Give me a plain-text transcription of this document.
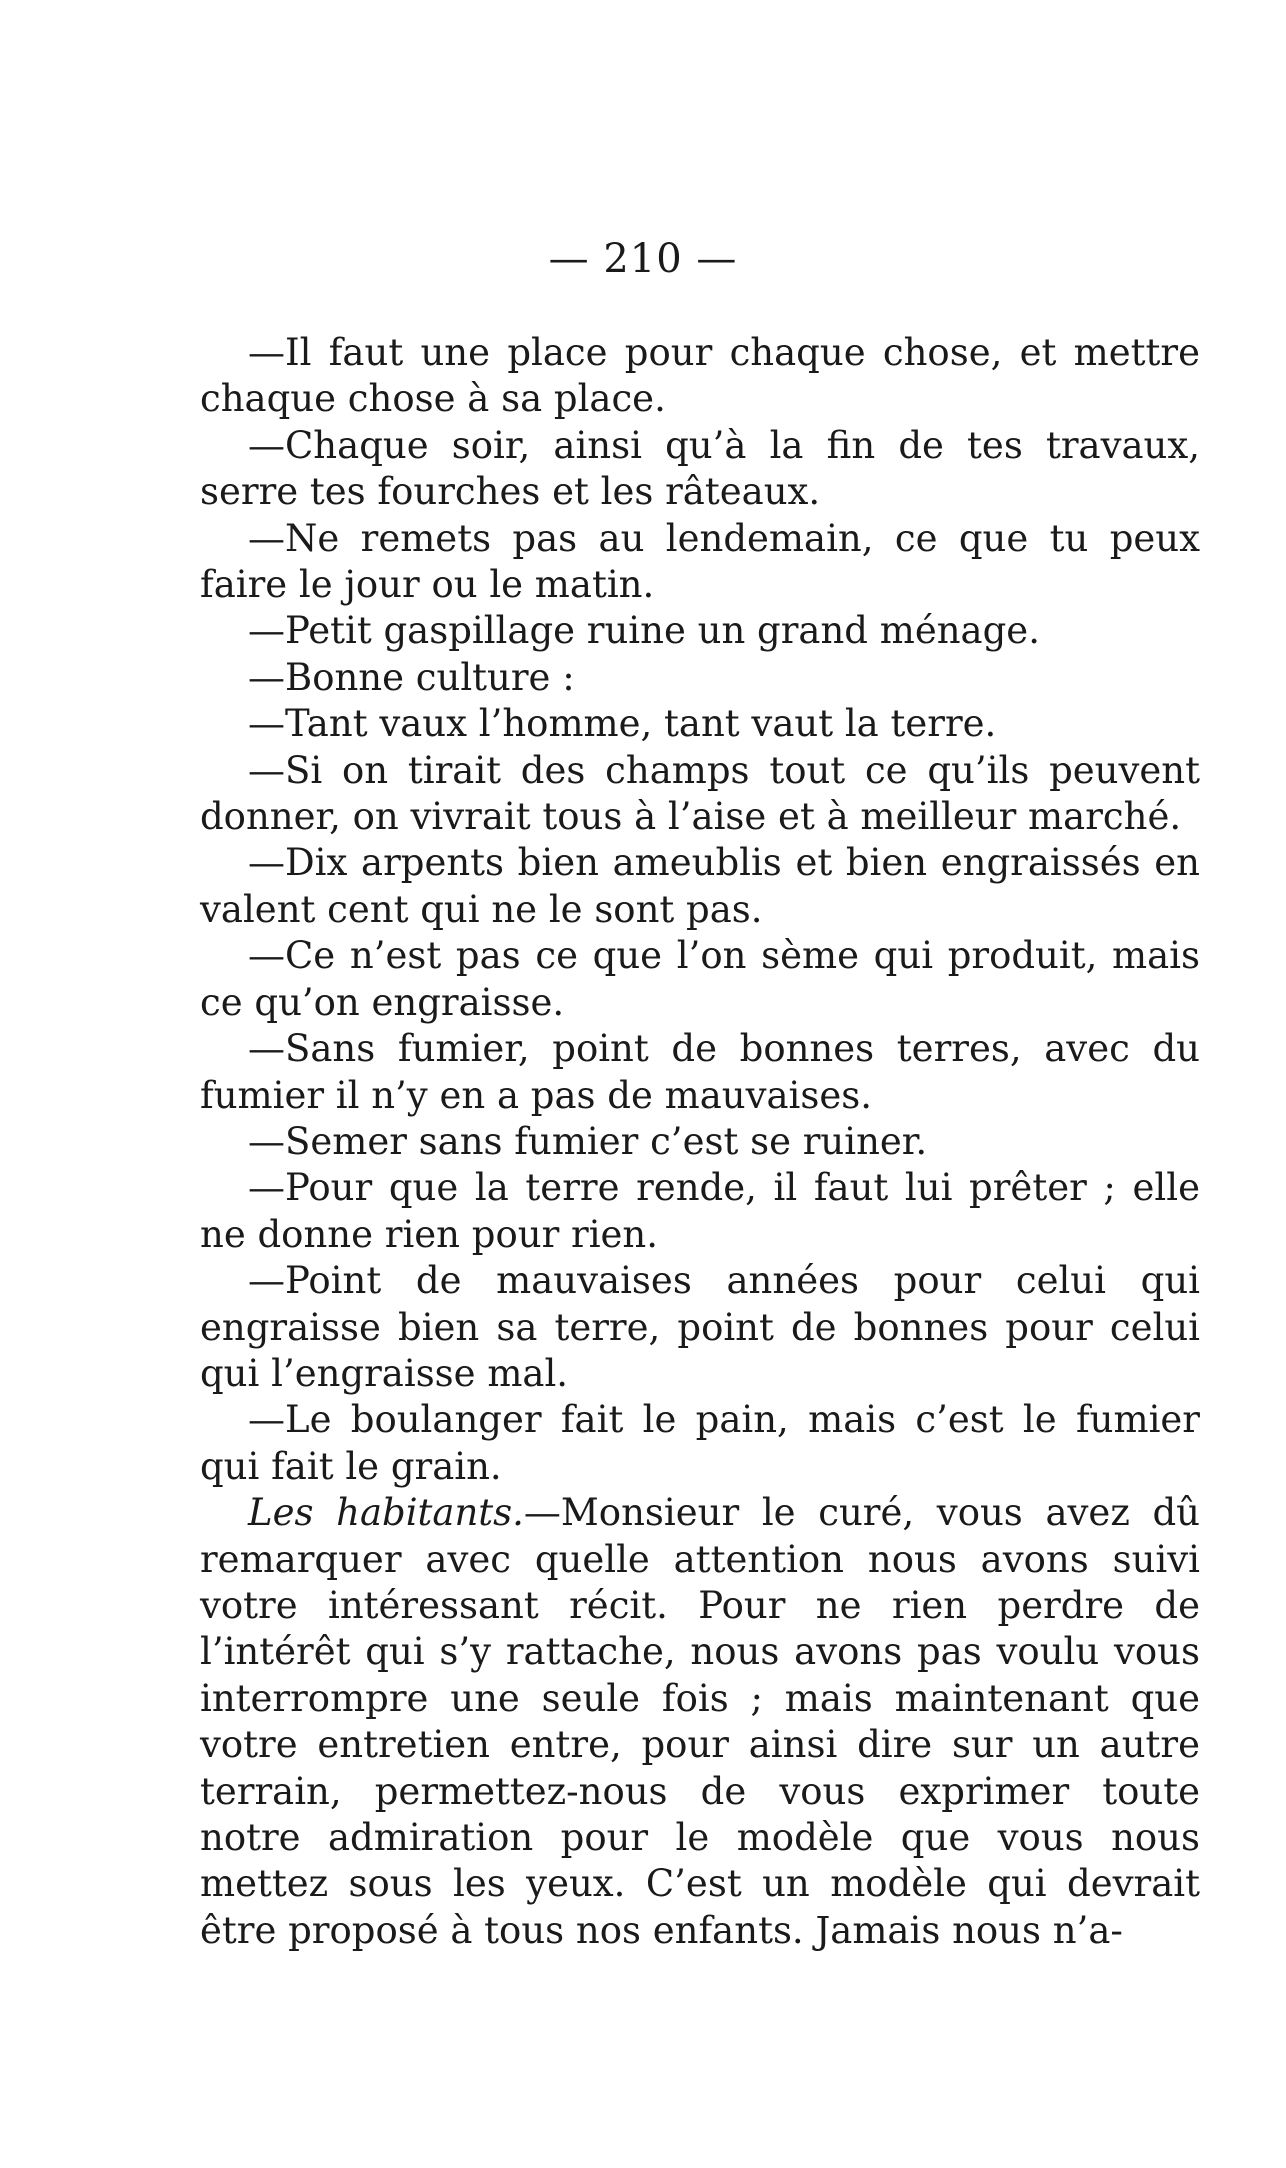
— 210 —

—Il faut une place pour chaque chose, et mettre chaque chose à sa place.

—Chaque soir, ainsi qu’à la fin de tes travaux, serre tes fourches et les râteaux.

—Ne remets pas au lendemain, ce que tu peux faire le jour ou le matin.

—Petit gaspillage ruine un grand ménage.

—Bonne culture :

—Tant vaux l’homme, tant vaut la terre.

—Si on tirait des champs tout ce qu’ils peuvent donner, on vivrait tous à l’aise et à meilleur marché.

—Dix arpents bien ameublis et bien engraissés en valent cent qui ne le sont pas.

—Ce n’est pas ce que l’on sème qui produit, mais ce qu’on engraisse.

—Sans fumier, point de bonnes terres, avec du fumier il n’y en a pas de mauvaises.

—Semer sans fumier c’est se ruiner.

—Pour que la terre rende, il faut lui prêter ; elle ne donne rien pour rien.

—Point de mauvaises années pour celui qui engraisse bien sa terre, point de bonnes pour celui qui l’engraisse mal.

—Le boulanger fait le pain, mais c’est le fumier qui fait le grain.

Les habitants.—Monsieur le curé, vous avez dû remarquer avec quelle attention nous avons suivi votre intéressant récit. Pour ne rien perdre de l’intérêt qui s’y rattache, nous avons pas voulu vous interrompre une seule fois ; mais maintenant que votre entretien entre, pour ainsi dire sur un autre terrain, permettez-nous de vous exprimer toute notre admiration pour le modèle que vous nous mettez sous les yeux. C’est un modèle qui devrait être proposé à tous nos enfants. Jamais nous n’a-
